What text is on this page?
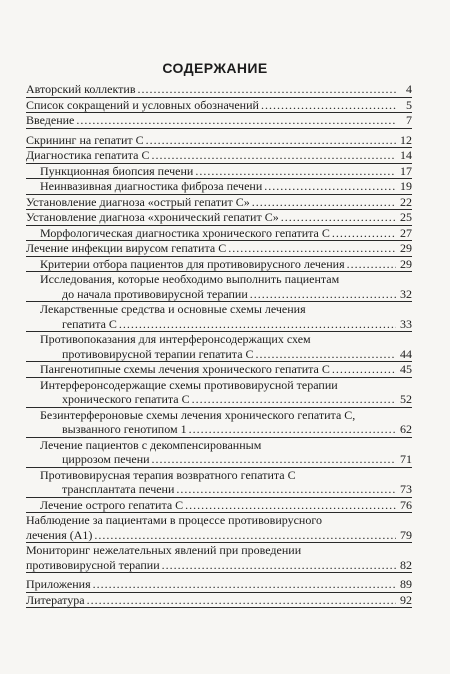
СОДЕРЖАНИЕ
Авторский коллектив .....	4
Список сокращений и условных обозначений .....	5
Введение .....	7
Скрининг на гепатит С .....	12
Диагностика гепатита С .....	14
Пункционная биопсия печени .....	17
Неинвазивная диагностика фиброза печени .....	19
Установление диагноза «острый гепатит С» .....	22
Установление диагноза «хронический гепатит С» .....	25
Морфологическая диагностика хронического гепатита С .....	27
Лечение инфекции вирусом гепатита С .....	29
Критерии отбора пациентов для противовирусного лечения .....	29
Исследования, которые необходимо выполнить пациентам
до начала противовирусной терапии .....	32
Лекарственные средства и основные схемы лечения
гепатита С .....	33
Противопоказания для интерферонсодержащих схем
противовирусной терапии гепатита С .....	44
Пангенотипные схемы лечения хронического гепатита С .....	45
Интерферонсодержащие схемы противовирусной терапии
хронического гепатита С .....	52
Безинтерфероновые схемы лечения хронического гепатита С,
вызванного генотипом 1 .....	62
Лечение пациентов с декомпенсированным
циррозом печени .....	71
Противовирусная терапия возвратного гепатита С
трансплантата печени .....	73
Лечение острого гепатита С .....	76
Наблюдение за пациентами в процессе противовирусного
лечения (А1) .....	79
Мониторинг нежелательных явлений при проведении
противовирусной терапии .....	82
Приложения .....	89
Литература .....	92
